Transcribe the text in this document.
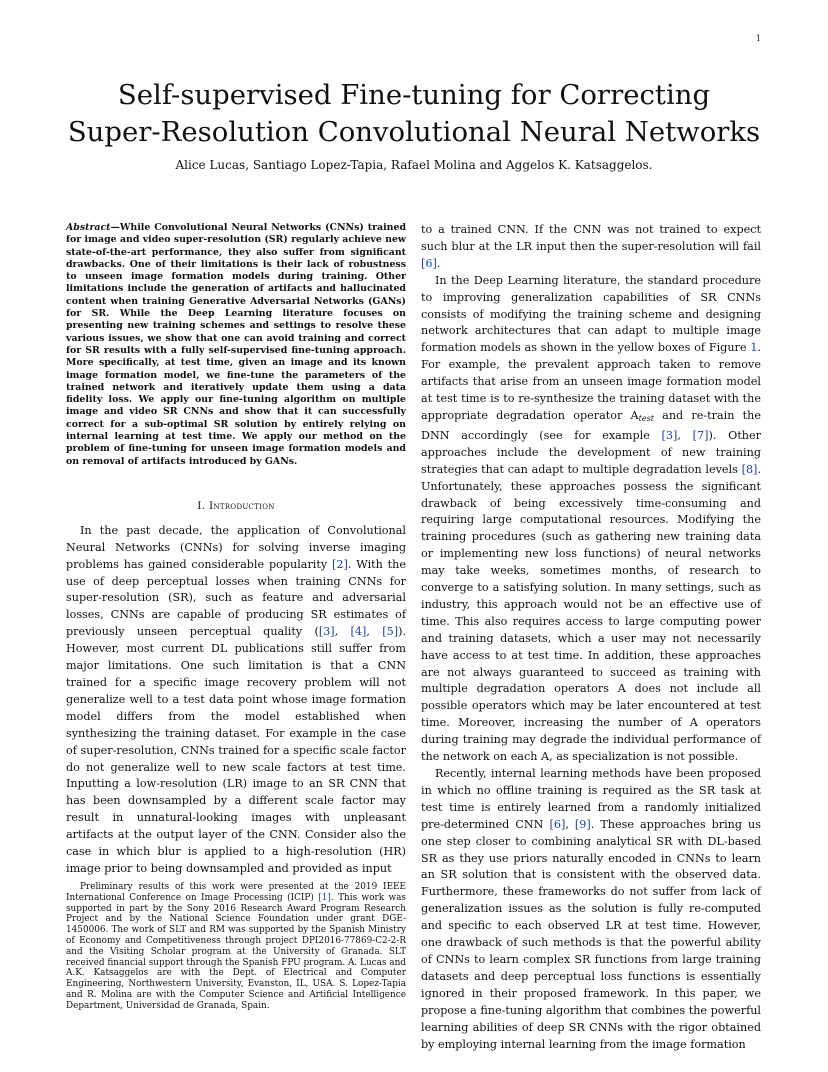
1
Self-supervised Fine-tuning for Correcting
Super-Resolution Convolutional Neural Networks
Alice Lucas, Santiago Lopez-Tapia, Rafael Molina and Aggelos K. Katsaggelos.
Abstract—While Convolutional Neural Networks (CNNs) trained for image and video super-resolution (SR) regularly achieve new state-of-the-art performance, they also suffer from significant drawbacks. One of their limitations is their lack of robustness to unseen image formation models during training. Other limitations include the generation of artifacts and hallucinated content when training Generative Adversarial Networks (GANs) for SR. While the Deep Learning literature focuses on presenting new training schemes and settings to resolve these various issues, we show that one can avoid training and correct for SR results with a fully self-supervised fine-tuning approach. More specifically, at test time, given an image and its known image formation model, we fine-tune the parameters of the trained network and iteratively update them using a data fidelity loss. We apply our fine-tuning algorithm on multiple image and video SR CNNs and show that it can successfully correct for a sub-optimal SR solution by entirely relying on internal learning at test time. We apply our method on the problem of fine-tuning for unseen image formation models and on removal of artifacts introduced by GANs.
I. Introduction

In the past decade, the application of Convolutional Neural Networks (CNNs) for solving inverse imaging problems has gained considerable popularity [2]. With the use of deep perceptual losses when training CNNs for super-resolution (SR), such as feature and adversarial losses, CNNs are capable of producing SR estimates of previously unseen perceptual quality ([3], [4], [5]). However, most current DL publications still suffer from major limitations. One such limitation is that a CNN trained for a specific image recovery problem will not generalize well to a test data point whose image formation model differs from the model established when synthesizing the training dataset. For example in the case of super-resolution, CNNs trained for a specific scale factor do not generalize well to new scale factors at test time. Inputting a low-resolution (LR) image to an SR CNN that has been downsampled by a different scale factor may result in unnatural-looking images with unpleasant artifacts at the output layer of the CNN. Consider also the case in which blur is applied to a high-resolution (HR) image prior to being downsampled and provided as input

Preliminary results of this work were presented at the 2019 IEEE International Conference on Image Processing (ICIP) [1]. This work was supported in part by the Sony 2016 Research Award Program Research Project and by the National Science Foundation under grant DGE-1450006. The work of SLT and RM was supported by the Spanish Ministry of Economy and Competitiveness through project DPI2016-77869-C2-2-R and the Visiting Scholar program at the University of Granada. SLT received financial support through the Spanish FPU program. A. Lucas and A.K. Katsaggelos are with the Dept. of Electrical and Computer Engineering, Northwestern University, Evanston, IL, USA. S. Lopez-Tapia and R. Molina are with the Computer Science and Artificial Intelligence Department, Universidad de Granada, Spain.

to a trained CNN. If the CNN was not trained to expect such blur at the LR input then the super-resolution will fail [6].

In the Deep Learning literature, the standard procedure to improving generalization capabilities of SR CNNs consists of modifying the training scheme and designing network architectures that can adapt to multiple image formation models as shown in the yellow boxes of Figure 1. For example, the prevalent approach taken to remove artifacts that arise from an unseen image formation model at test time is to re-synthesize the training dataset with the appropriate degradation operator $A_{test}$ and re-train the DNN accordingly (see for example [3], [7]). Other approaches include the development of new training strategies that can adapt to multiple degradation levels [8]. Unfortunately, these approaches possess the significant drawback of being excessively time-consuming and requiring large computational resources. Modifying the training procedures (such as gathering new training data or implementing new loss functions) of neural networks may take weeks, sometimes months, of research to converge to a satisfying solution. In many settings, such as industry, this approach would not be an effective use of time. This also requires access to large computing power and training datasets, which a user may not necessarily have access to at test time. In addition, these approaches are not always guaranteed to succeed as training with multiple degradation operators A does not include all possible operators which may be later encountered at test time. Moreover, increasing the number of A operators during training may degrade the individual performance of the network on each A, as specialization is not possible.

Recently, internal learning methods have been proposed in which no offline training is required as the SR task at test time is entirely learned from a randomly initialized pre-determined CNN [6], [9]. These approaches bring us one step closer to combining analytical SR with DL-based SR as they use priors naturally encoded in CNNs to learn an SR solution that is consistent with the observed data. Furthermore, these frameworks do not suffer from lack of generalization issues as the solution is fully re-computed and specific to each observed LR at test time. However, one drawback of such methods is that the powerful ability of CNNs to learn complex SR functions from large training datasets and deep perceptual loss functions is essentially ignored in their proposed framework. In this paper, we propose a fine-tuning algorithm that combines the powerful learning abilities of deep SR CNNs with the rigor obtained by employing internal learning from the image formation
